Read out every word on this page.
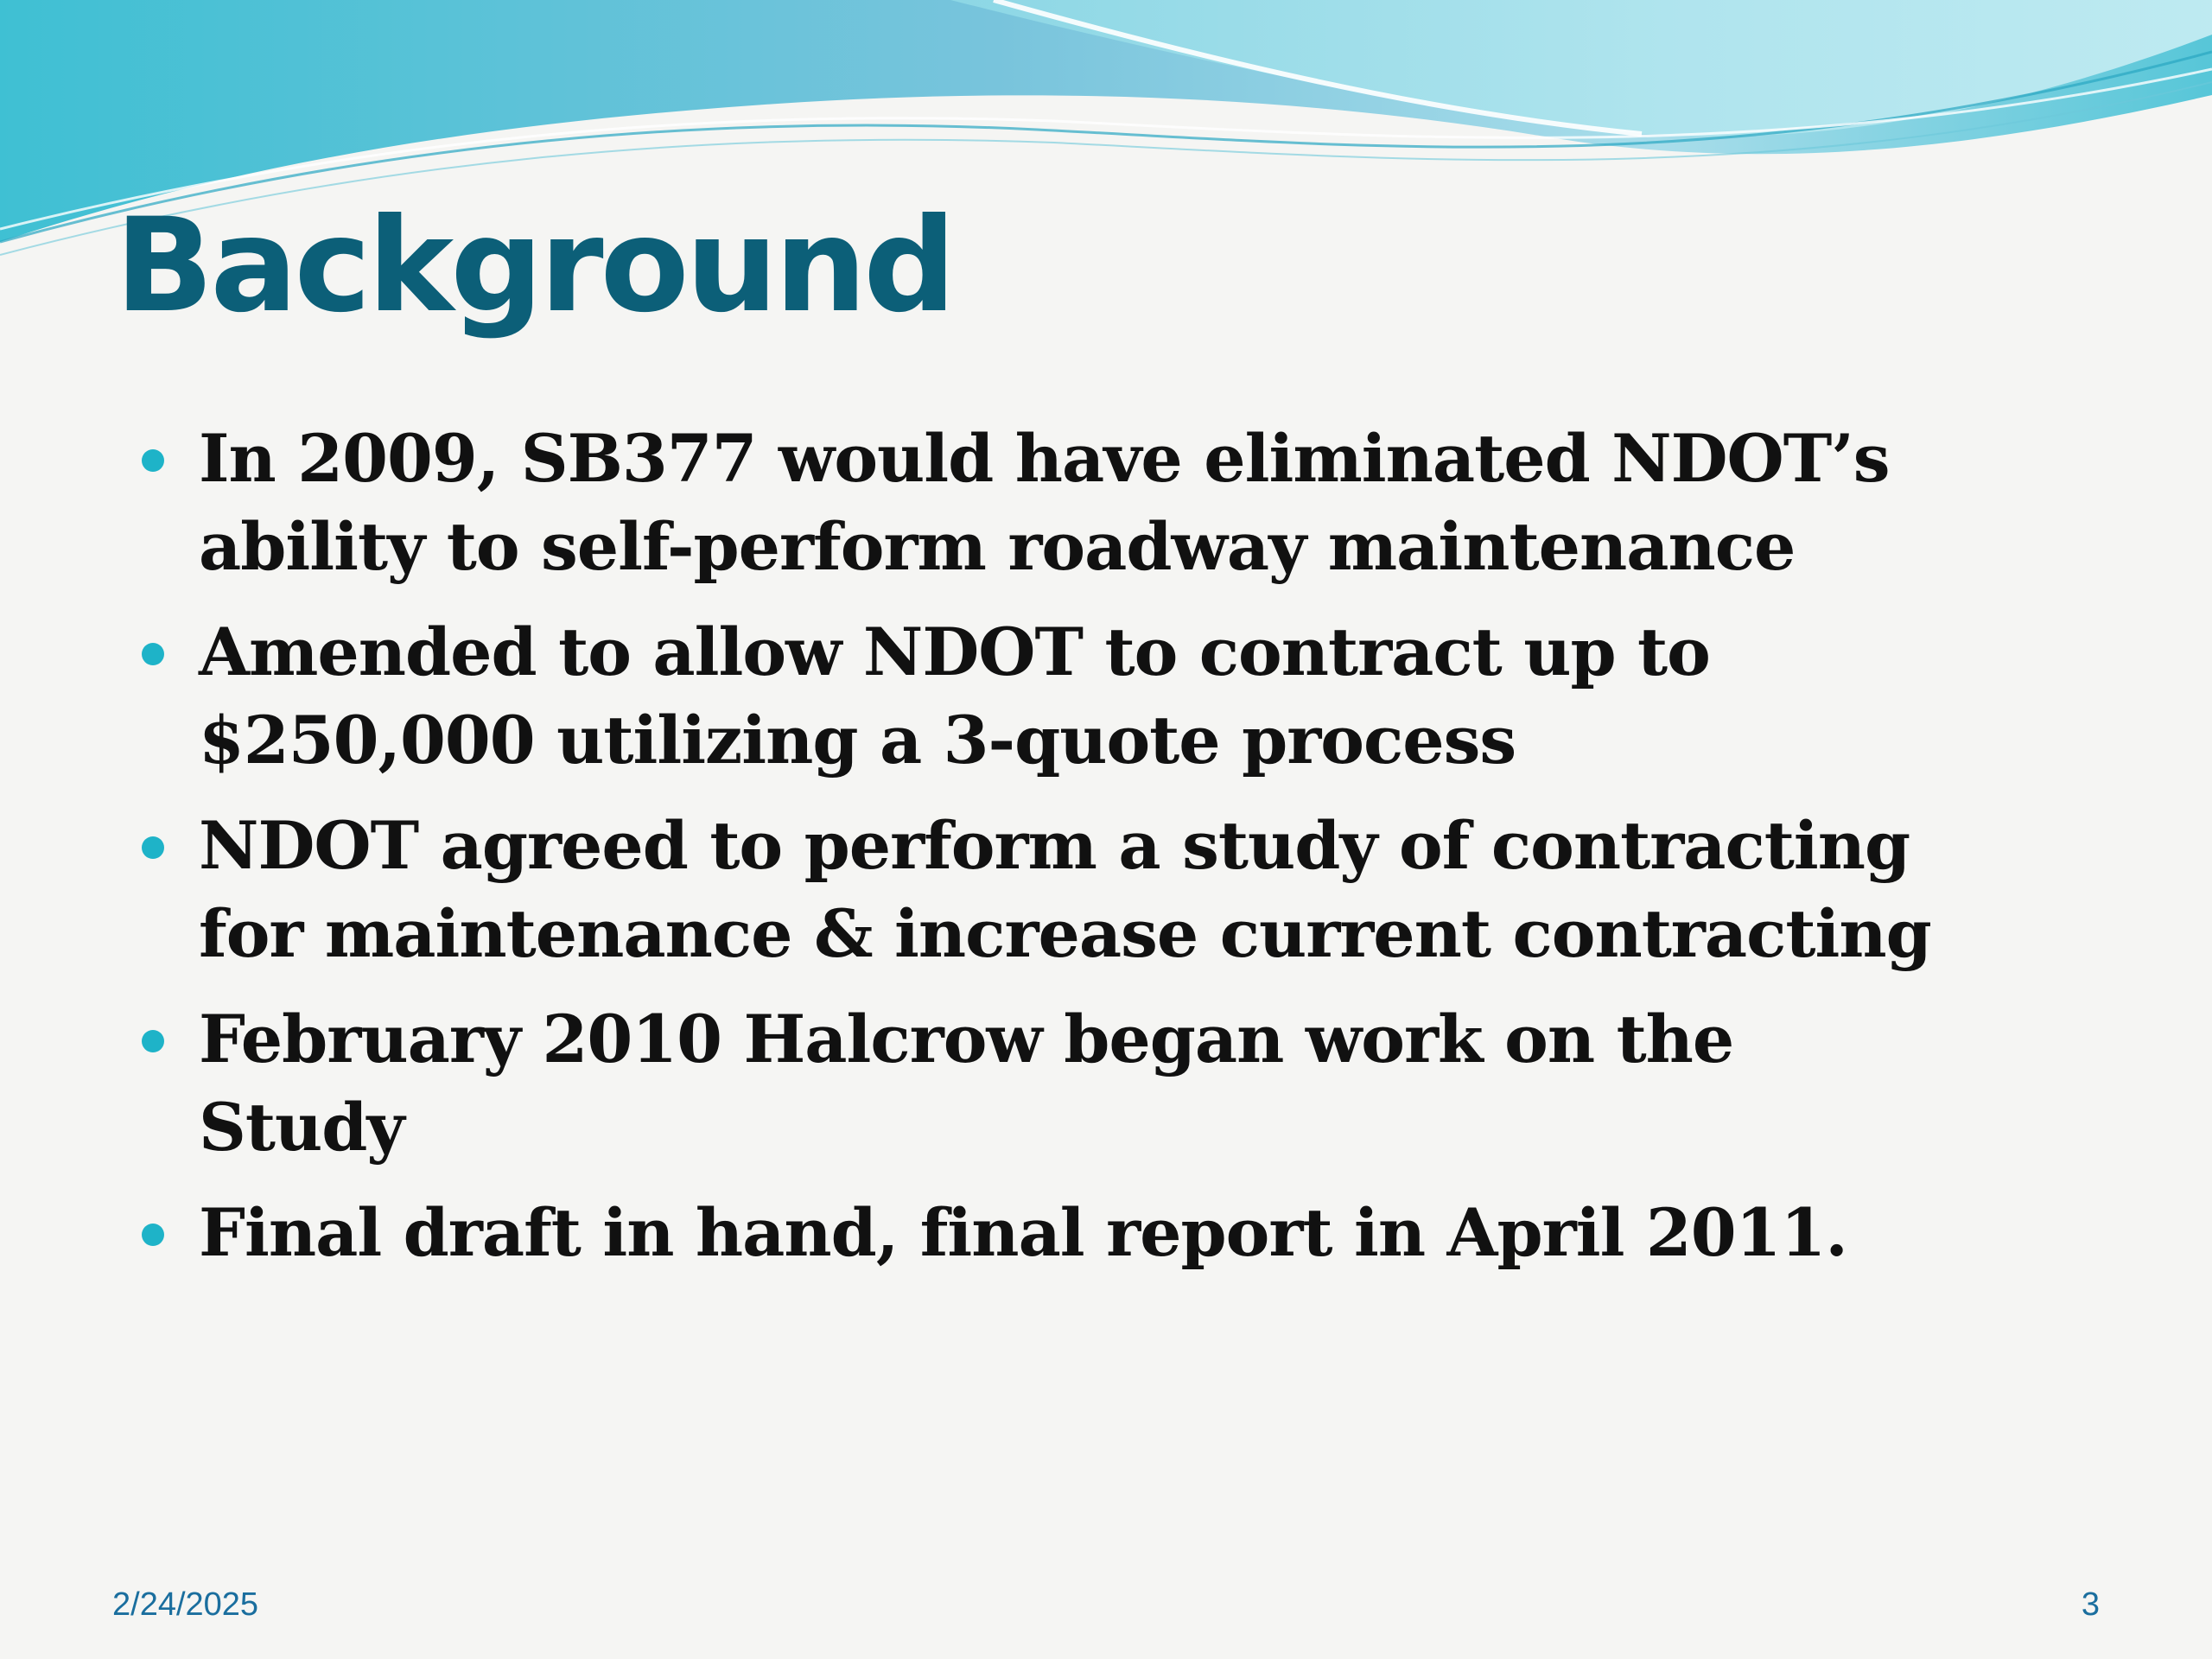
Background
In 2009, SB377 would have eliminated NDOT’s ability to self-perform roadway maintenance
Amended to allow NDOT to contract up to $250,000 utilizing a 3-quote process
NDOT agreed to perform a study of contracting for maintenance & increase current contracting
February 2010 Halcrow began work on the Study
Final draft in hand, final report in April 2011.
2/24/2025	3
